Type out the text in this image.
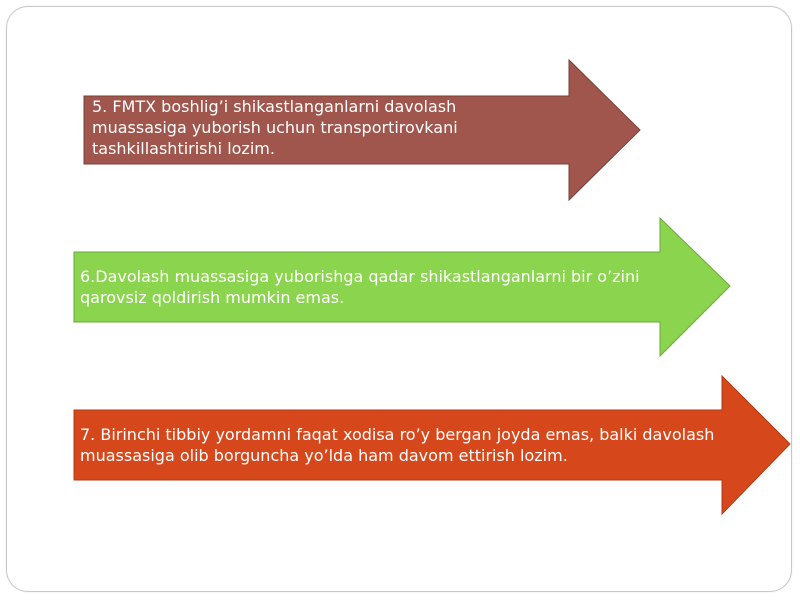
5. FMTX boshlig’i shikastlanganlarni davolash muassasiga yuborish uchun transportirovkani tashkillashtirishi lozim.

6.Davolash muassasiga yuborishga qadar shikastlanganlarni bir o’zini qarovsiz qoldirish mumkin emas.

7. Birinchi tibbiy yordamni faqat xodisa ro’y bergan joyda emas, balki davolash muassasiga olib borguncha yo’lda ham davom ettirish lozim.
